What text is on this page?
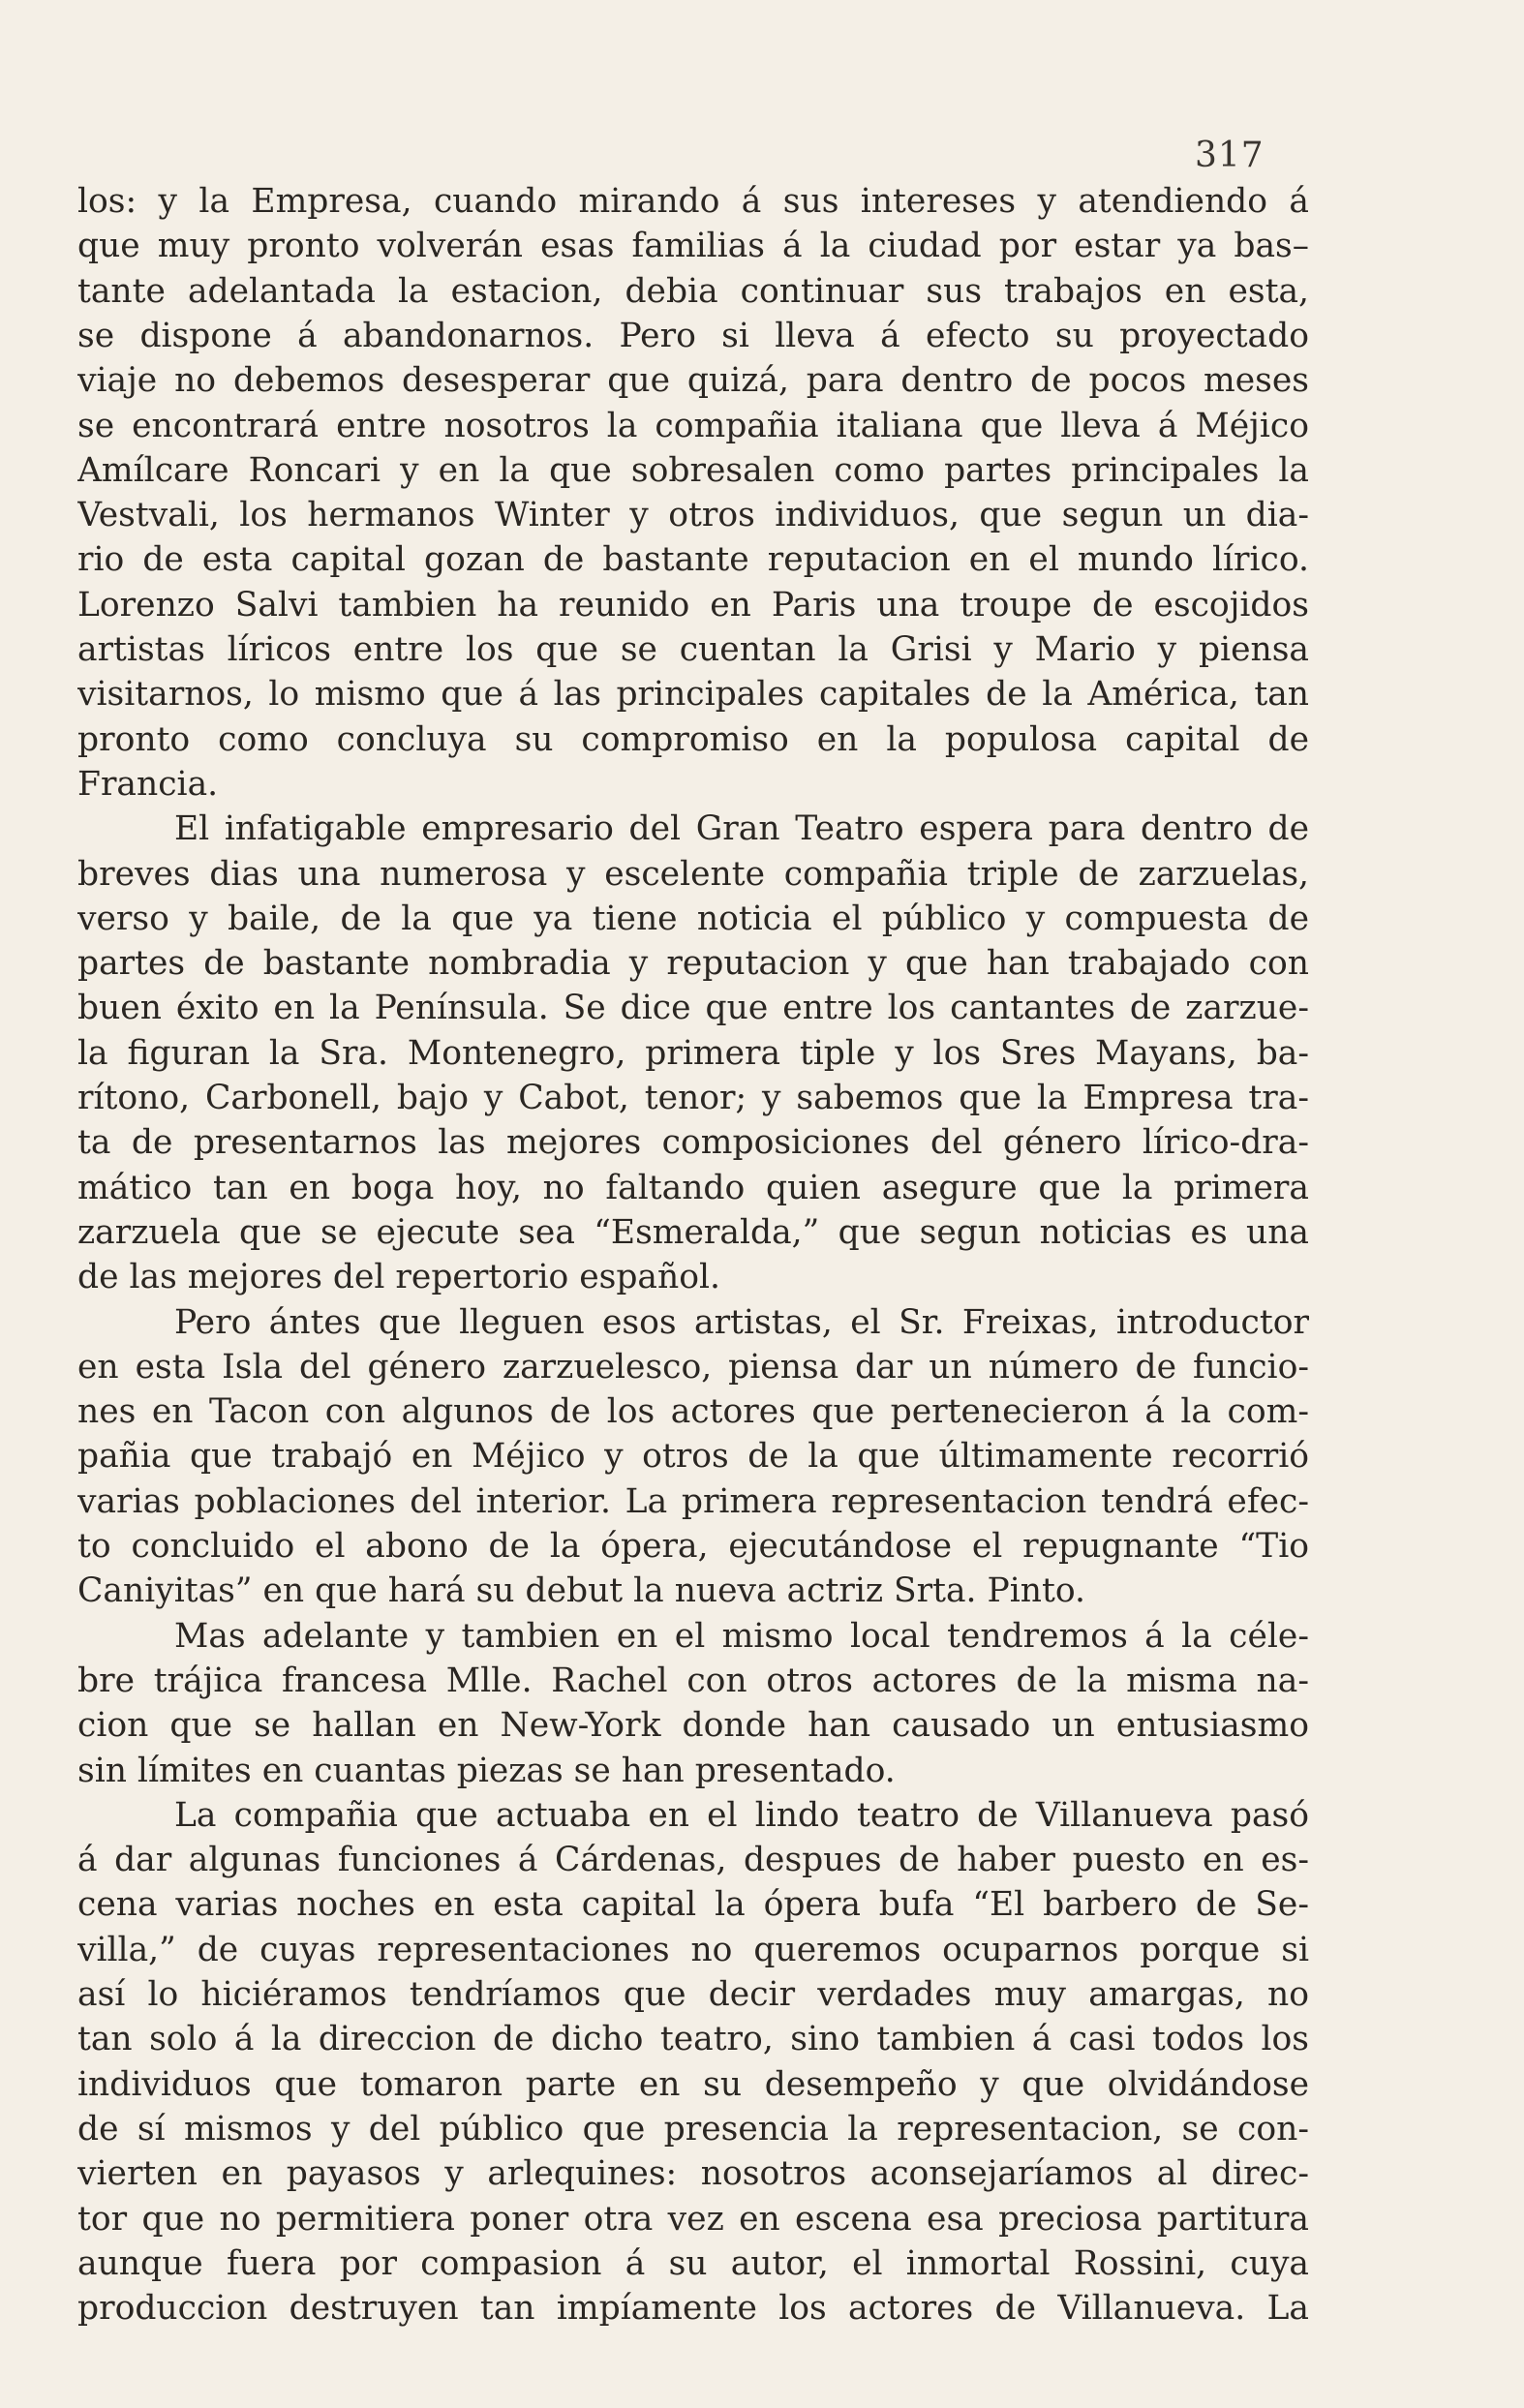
317
los: y la Empresa, cuando mirando á sus intereses y atendiendo á
que muy pronto volverán esas familias á la ciudad por estar ya bas–
tante adelantada la estacion, debia continuar sus trabajos en esta,
se dispone á abandonarnos. Pero si lleva á efecto su proyectado
viaje no debemos desesperar que quizá, para dentro de pocos meses
se encontrará entre nosotros la compañia italiana que lleva á Méjico
Amílcare Roncari y en la que sobresalen como partes principales la
Vestvali, los hermanos Winter y otros individuos, que segun un dia-
rio de esta capital gozan de bastante reputacion en el mundo lírico.
Lorenzo Salvi tambien ha reunido en Paris una troupe de escojidos
artistas líricos entre los que se cuentan la Grisi y Mario y piensa
visitarnos, lo mismo que á las principales capitales de la América, tan
pronto como concluya su compromiso en la populosa capital de
Francia.
El infatigable empresario del Gran Teatro espera para dentro de
breves dias una numerosa y escelente compañia triple de zarzuelas,
verso y baile, de la que ya tiene noticia el público y compuesta de
partes de bastante nombradia y reputacion y que han trabajado con
buen éxito en la Península. Se dice que entre los cantantes de zarzue-
la figuran la Sra. Montenegro, primera tiple y los Sres Mayans, ba-
rítono, Carbonell, bajo y Cabot, tenor; y sabemos que la Empresa tra-
ta de presentarnos las mejores composiciones del género lírico-dra-
mático tan en boga hoy, no faltando quien asegure que la primera
zarzuela que se ejecute sea “Esmeralda,” que segun noticias es una
de las mejores del repertorio español.
Pero ántes que lleguen esos artistas, el Sr. Freixas, introductor
en esta Isla del género zarzuelesco, piensa dar un número de funcio-
nes en Tacon con algunos de los actores que pertenecieron á la com-
pañia que trabajó en Méjico y otros de la que últimamente recorrió
varias poblaciones del interior. La primera representacion tendrá efec-
to concluido el abono de la ópera, ejecutándose el repugnante “Tio
Caniyitas” en que hará su debut la nueva actriz Srta. Pinto.
Mas adelante y tambien en el mismo local tendremos á la céle-
bre trájica francesa Mlle. Rachel con otros actores de la misma na-
cion que se hallan en New-York donde han causado un entusiasmo
sin límites en cuantas piezas se han presentado.
La compañia que actuaba en el lindo teatro de Villanueva pasó
á dar algunas funciones á Cárdenas, despues de haber puesto en es-
cena varias noches en esta capital la ópera bufa “El barbero de Se-
villa,” de cuyas representaciones no queremos ocuparnos porque si
así lo hiciéramos tendríamos que decir verdades muy amargas, no
tan solo á la direccion de dicho teatro, sino tambien á casi todos los
individuos que tomaron parte en su desempeño y que olvidándose
de sí mismos y del público que presencia la representacion, se con-
vierten en payasos y arlequines: nosotros aconsejaríamos al direc-
tor que no permitiera poner otra vez en escena esa preciosa partitura
aunque fuera por compasion á su autor, el inmortal Rossini, cuya
produccion destruyen tan impíamente los actores de Villanueva. La
